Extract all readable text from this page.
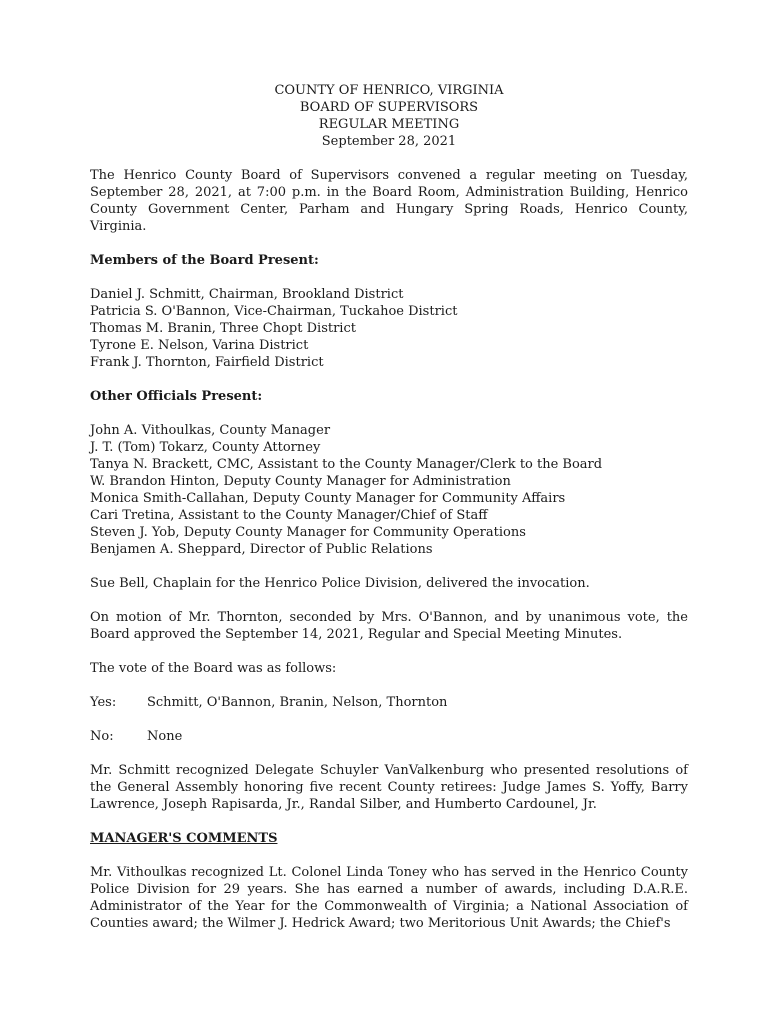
COUNTY OF HENRICO, VIRGINIA
BOARD OF SUPERVISORS
REGULAR MEETING
September 28, 2021

The Henrico County Board of Supervisors convened a regular meeting on Tuesday, September 28, 2021, at 7:00 p.m. in the Board Room, Administration Building, Henrico County Government Center, Parham and Hungary Spring Roads, Henrico County, Virginia.

Members of the Board Present:
Daniel J. Schmitt, Chairman, Brookland District
Patricia S. O'Bannon, Vice-Chairman, Tuckahoe District
Thomas M. Branin, Three Chopt District
Tyrone E. Nelson, Varina District
Frank J. Thornton, Fairfield District
Other Officials Present:
John A. Vithoulkas, County Manager
J. T. (Tom) Tokarz, County Attorney
Tanya N. Brackett, CMC, Assistant to the County Manager/Clerk to the Board
W. Brandon Hinton, Deputy County Manager for Administration
Monica Smith-Callahan, Deputy County Manager for Community Affairs
Cari Tretina, Assistant to the County Manager/Chief of Staff
Steven J. Yob, Deputy County Manager for Community Operations
Benjamen A. Sheppard, Director of Public Relations

Sue Bell, Chaplain for the Henrico Police Division, delivered the invocation.

On motion of Mr. Thornton, seconded by Mrs. O'Bannon, and by unanimous vote, the Board approved the September 14, 2021, Regular and Special Meeting Minutes.

The vote of the Board was as follows:

Yes:	Schmitt, O'Bannon, Branin, Nelson, Thornton
No:	None

Mr. Schmitt recognized Delegate Schuyler VanValkenburg who presented resolutions of the General Assembly honoring five recent County retirees: Judge James S. Yoffy, Barry Lawrence, Joseph Rapisarda, Jr., Randal Silber, and Humberto Cardounel, Jr.

MANAGER'S COMMENTS

Mr. Vithoulkas recognized Lt. Colonel Linda Toney who has served in the Henrico County Police Division for 29 years. She has earned a number of awards, including D.A.R.E. Administrator of the Year for the Commonwealth of Virginia; a National Association of Counties award; the Wilmer J. Hedrick Award; two Meritorious Unit Awards; the Chief's
